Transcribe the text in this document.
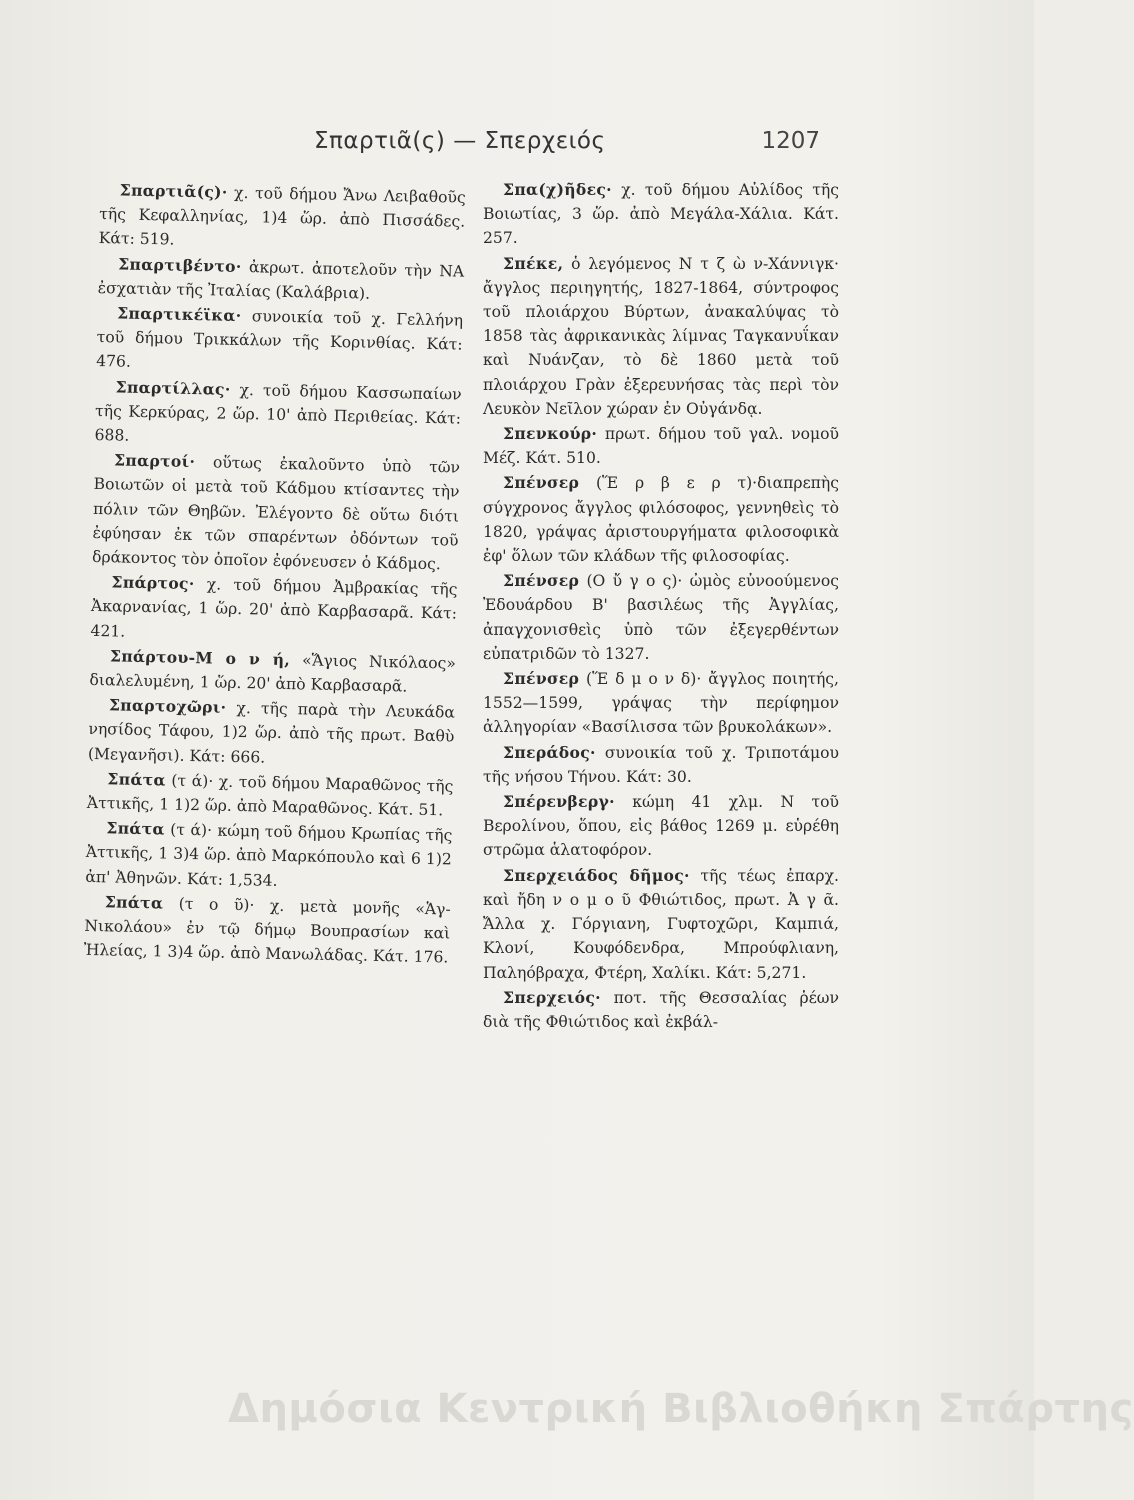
Σπαρτιᾶ(ς) — Σπερχειός	1207

Σπαρτιᾶ(ς)· χ. τοῦ δήμου Ἄνω Λειβαθοῦς τῆς Κεφαλληνίας, 1)4 ὥρ. ἀπὸ Πισσάδες. Κάτ: 519.

Σπαρτιβέντο· ἀκρωτ. ἀποτελοῦν τὴν ΝΑ ἐσχατιὰν τῆς Ἰταλίας (Καλάβρια).

Σπαρτικέϊκα· συνοικία τοῦ χ. Γελλήνη τοῦ δήμου Τρικκάλων τῆς Κορινθίας. Κάτ: 476.

Σπαρτίλλας· χ. τοῦ δήμου Κασσωπαίων τῆς Κερκύρας, 2 ὥρ. 10' ἀπὸ Περιθείας. Κάτ: 688.

Σπαρτοί· οὕτως ἐκαλοῦντο ὑπὸ τῶν Βοιωτῶν οἱ μετὰ τοῦ Κάδμου κτίσαντες τὴν πόλιν τῶν Θηβῶν. Ἐλέγοντο δὲ οὕτω διότι ἐφύησαν ἐκ τῶν σπαρέντων ὀδόντων τοῦ δράκοντος τὸν ὁποῖον ἐφόνευσεν ὁ Κάδμος.

Σπάρτος· χ. τοῦ δήμου Ἀμβρακίας τῆς Ἀκαρνανίας, 1 ὥρ. 20' ἀπὸ Καρβασαρᾶ. Κάτ: 421.

Σπάρτου-Μ ο ν ή, «Ἅγιος Νικόλαος» διαλελυμένη, 1 ὥρ. 20' ἀπὸ Καρβασαρᾶ.

Σπαρτοχῶρι· χ. τῆς παρὰ τὴν Λευκάδα νησίδος Τάφου, 1)2 ὥρ. ἀπὸ τῆς πρωτ. Βαθὺ (Μεγανῆσι). Κάτ: 666.

Σπάτα (τ ά)· χ. τοῦ δήμου Μαραθῶνος τῆς Ἀττικῆς, 1 1)2 ὥρ. ἀπὸ Μαραθῶνος. Κάτ. 51.

Σπάτα (τ ά)· κώμη τοῦ δήμου Κρωπίας τῆς Ἀττικῆς, 1 3)4 ὥρ. ἀπὸ Μαρκόπουλο καὶ 6 1)2 ἀπ' Ἀθηνῶν. Κάτ: 1,534.

Σπάτα (τ ο ῦ)· χ. μετὰ μονῆς «Ἁγ-Νικολάου» ἐν τῷ δήμῳ Βουπρασίων καὶ Ἠλείας, 1 3)4 ὥρ. ἀπὸ Μανωλάδας. Κάτ. 176.

Σπα(χ)ῆδες· χ. τοῦ δήμου Αὐλίδος τῆς Βοιωτίας, 3 ὥρ. ἀπὸ Μεγάλα-Χάλια. Κάτ. 257.

Σπέκε, ὁ λεγόμενος Ν τ ζ ὼ ν-Χάννιγκ· ἄγγλος περιηγητής, 1827-1864, σύντροφος τοῦ πλοιάρχου Βύρτων, ἀνακαλύψας τὸ 1858 τὰς ἀφρικανικὰς λίμνας Ταγκανυΐκαν καὶ Νυάνζαν, τὸ δὲ 1860 μετὰ τοῦ πλοιάρχου Γρὰν ἐξερευνήσας τὰς περὶ τὸν Λευκὸν Νεῖλον χώραν ἐν Οὐγάνδᾳ.

Σπενκούρ· πρωτ. δήμου τοῦ γαλ. νομοῦ Μέζ. Κάτ. 510.

Σπένσερ (Ἕ ρ β ε ρ τ)·διαπρεπὴς σύγχρονος ἄγγλος φιλόσοφος, γεννηθεὶς τὸ 1820, γράψας ἀριστουργήματα φιλοσοφικὰ ἐφ' ὅλων τῶν κλάδων τῆς φιλοσοφίας.

Σπένσερ (Ο ὔ γ ο ς)· ὠμὸς εὐνοούμενος Ἐδουάρδου Β' βασιλέως τῆς Ἀγγλίας, ἀπαγχονισθεὶς ὑπὸ τῶν ἐξεγερθέντων εὐπατριδῶν τὸ 1327.

Σπένσερ (Ἕ δ μ ο ν δ)· ἄγγλος ποιητής, 1552—1599, γράψας τὴν περίφημον ἀλληγορίαν «Βασίλισσα τῶν βρυκολάκων».

Σπεράδος· συνοικία τοῦ χ. Τριποτάμου τῆς νήσου Τήνου. Κάτ: 30.

Σπέρενβεργ· κώμη 41 χλμ. Ν τοῦ Βερολίνου, ὅπου, εἰς βάθος 1269 μ. εὑρέθη στρῶμα ἁλατοφόρον.

Σπερχειάδος δῆμος· τῆς τέως ἐπαρχ. καὶ ἤδη ν ο μ ο ῦ Φθιώτιδος, πρωτ. Ἀ γ ᾶ. Ἄλλα χ. Γόργιανη, Γυφτοχῶρι, Καμπιά, Κλονί, Κουφόδενδρα, Μπρούφλιανη, Παληόβραχα, Φτέρη, Χαλίκι. Κάτ: 5,271.

Σπερχειός· ποτ. τῆς Θεσσαλίας ῥέων διὰ τῆς Φθιώτιδος καὶ ἐκβάλ-

Δημόσια Κεντρική Βιβλιοθήκη Σπάρτης
